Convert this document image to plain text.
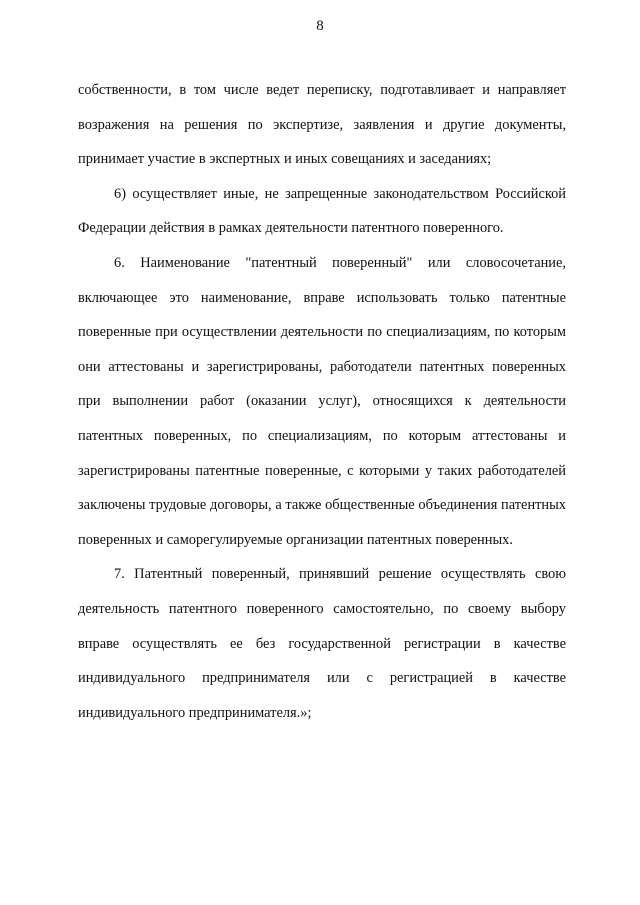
8

собственности, в том числе ведет переписку, подготавливает и направляет возражения на решения по экспертизе, заявления и другие документы, принимает участие в экспертных и иных совещаниях и заседаниях;

6) осуществляет иные, не запрещенные законодательством Российской Федерации действия в рамках деятельности патентного поверенного.

6. Наименование "патентный поверенный" или словосочетание, включающее это наименование, вправе использовать только патентные поверенные при осуществлении деятельности по специализациям, по которым они аттестованы и зарегистрированы, работодатели патентных поверенных при выполнении работ (оказании услуг), относящихся к деятельности патентных поверенных, по специализациям, по которым аттестованы и зарегистрированы патентные поверенные, с которыми у таких работодателей заключены трудовые договоры, а также общественные объединения патентных поверенных и саморегулируемые организации патентных поверенных.

7. Патентный поверенный, принявший решение осуществлять свою деятельность патентного поверенного самостоятельно, по своему выбору вправе осуществлять ее без государственной регистрации в качестве индивидуального предпринимателя или с регистрацией в качестве индивидуального предпринимателя.»;
